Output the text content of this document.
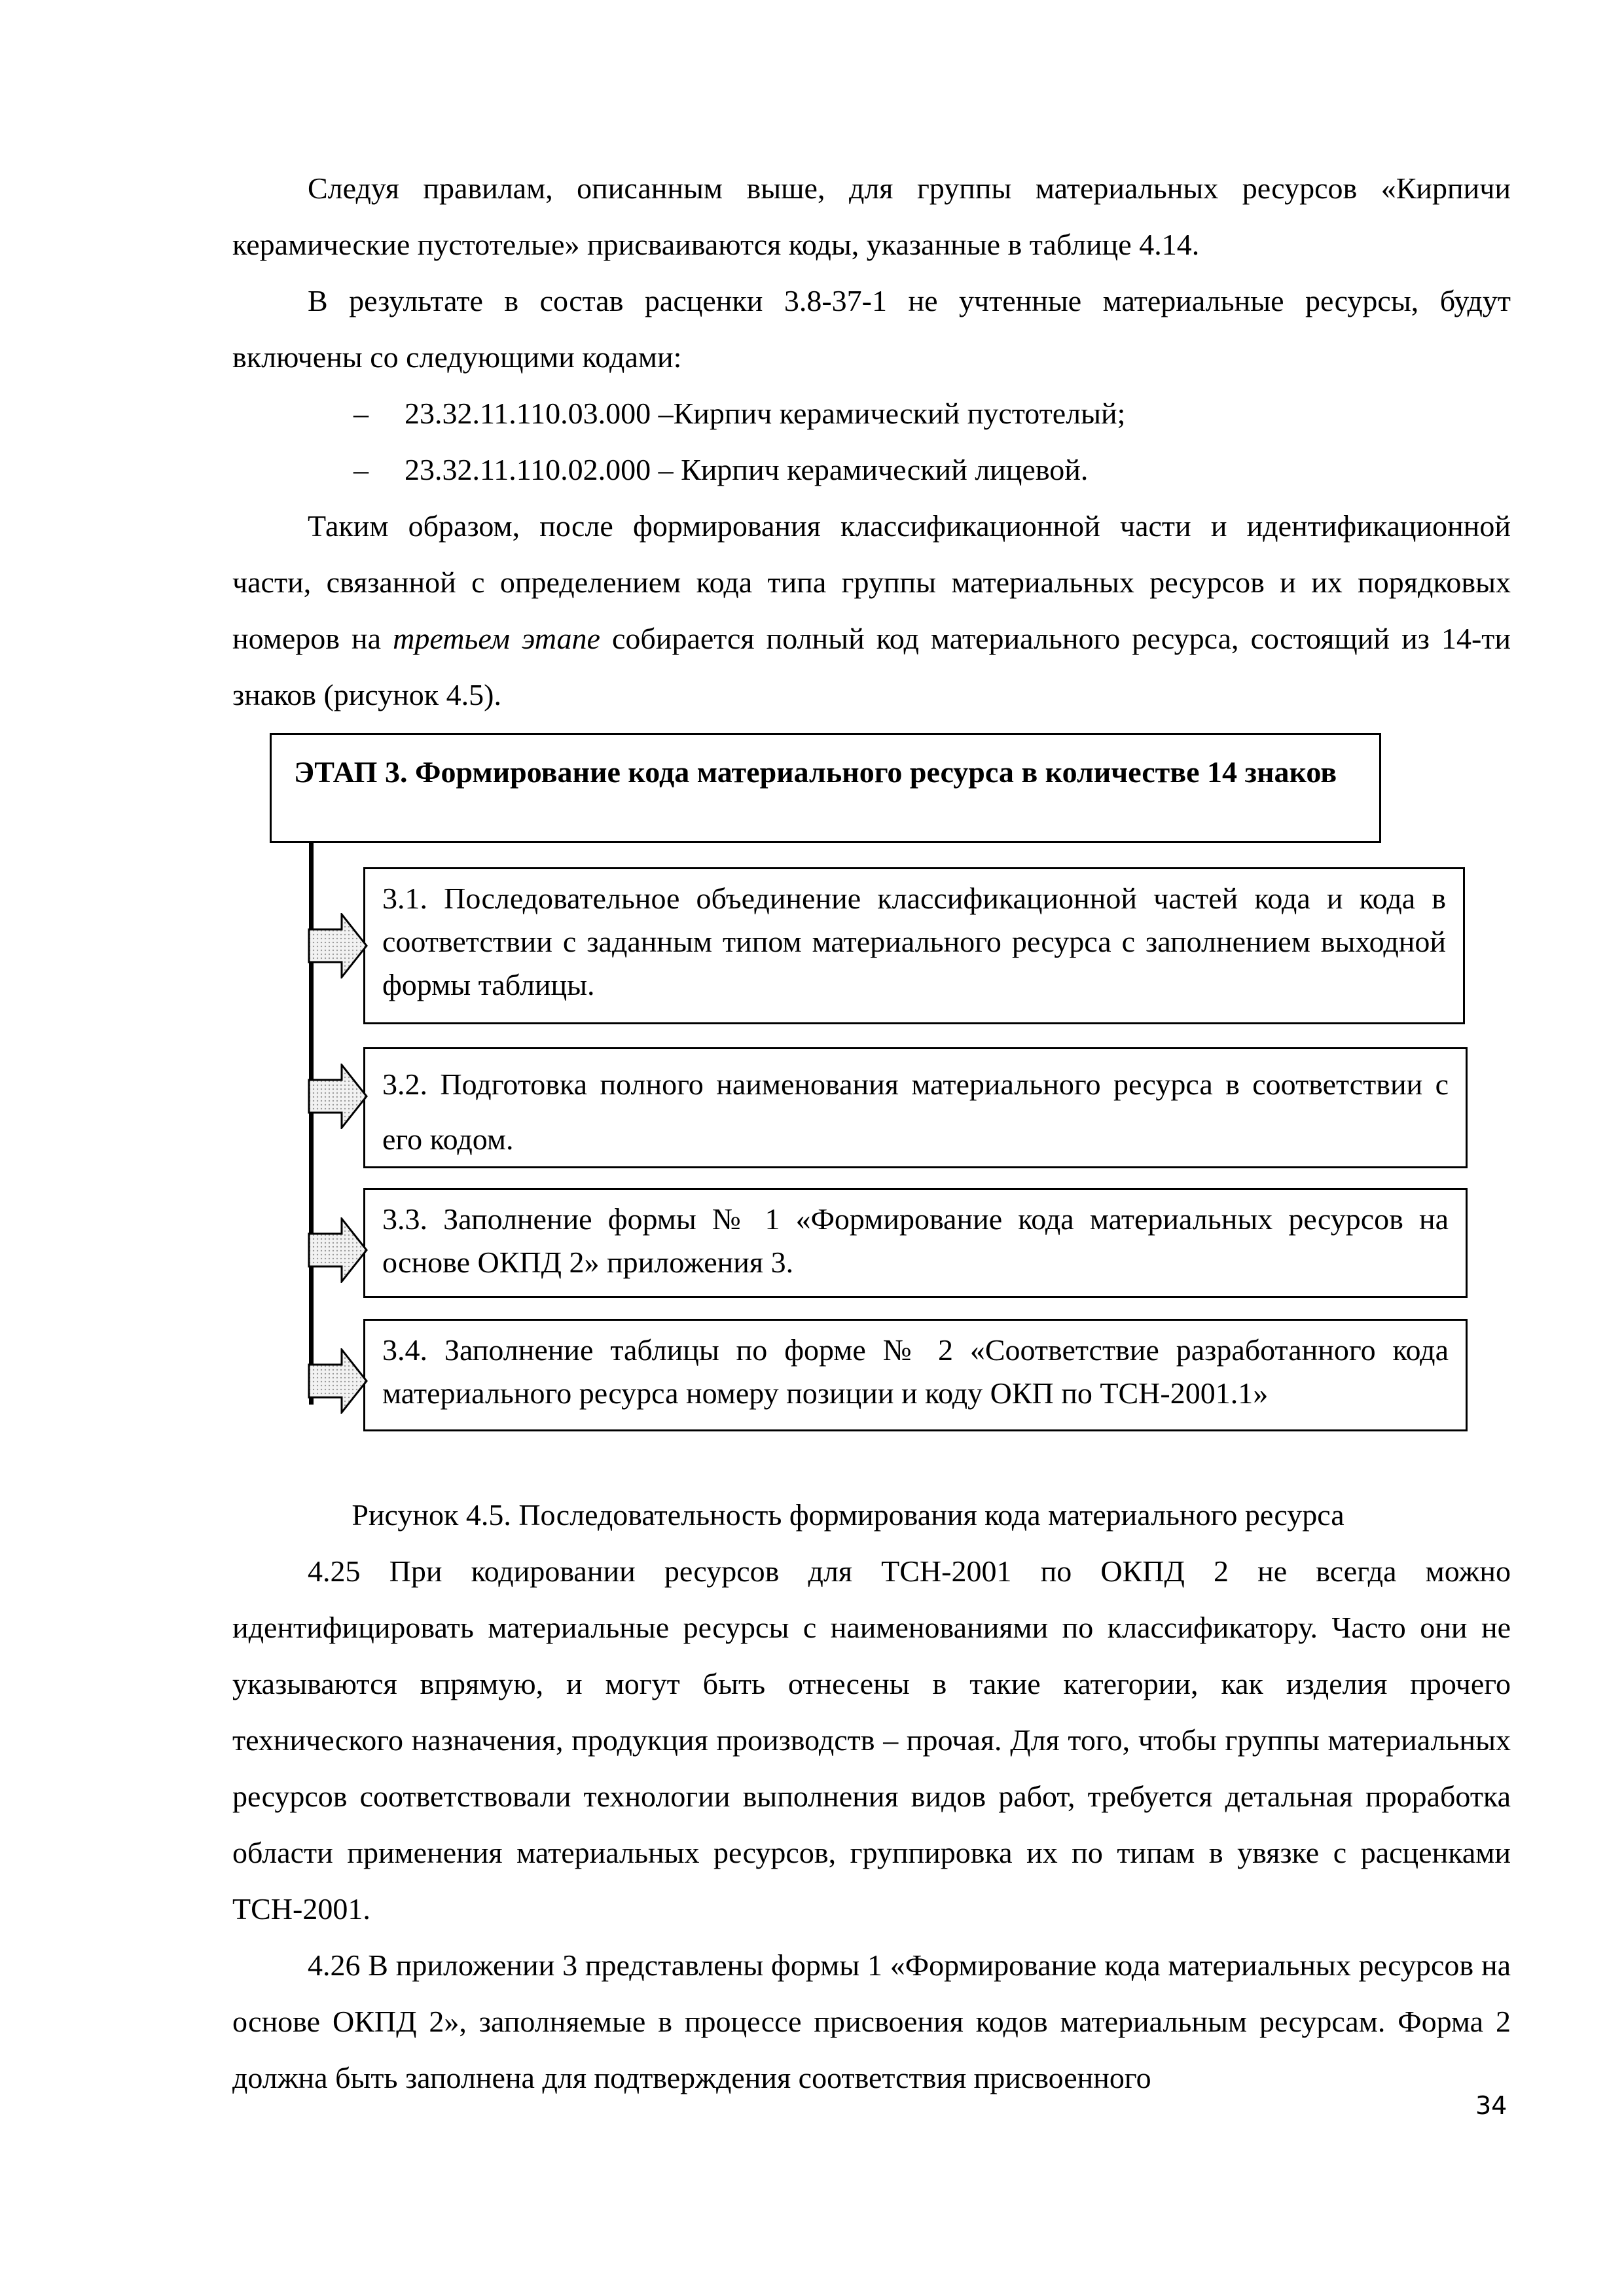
Следуя правилам, описанным выше, для группы материальных ресурсов «Кирпичи керамические пустотелые» присваиваются коды, указанные в таблице 4.14.

В результате в состав расценки 3.8-37-1 не учтенные материальные ресурсы, будут включены со следующими кодами:

– 23.32.11.110.03.000 –Кирпич керамический пустотелый;

– 23.32.11.110.02.000 – Кирпич керамический лицевой.

Таким образом, после формирования классификационной части и идентификационной части, связанной с определением кода типа группы материальных ресурсов и их порядковых номеров на третьем этапе собирается полный код материального ресурса, состоящий из 14-ти знаков (рисунок 4.5).

ЭТАП 3. Формирование кода материального ресурса в количестве 14 знаков
3.1. Последовательное объединение классификационной частей кода и кода в соответствии с заданным типом материального ресурса с заполнением выходной формы таблицы.
3.2. Подготовка полного наименования материального ресурса в соответствии с его кодом.
3.3. Заполнение формы № 1 «Формирование кода материальных ресурсов на основе ОКПД 2» приложения 3.
3.4. Заполнение таблицы по форме № 2 «Соответствие разработанного кода материального ресурса номеру позиции и коду ОКП по ТСН-2001.1»

Рисунок 4.5. Последовательность формирования кода материального ресурса

4.25 При кодировании ресурсов для ТСН-2001 по ОКПД 2 не всегда можно идентифицировать материальные ресурсы с наименованиями по классификатору. Часто они не указываются впрямую, и могут быть отнесены в такие категории, как изделия прочего технического назначения, продукция производств – прочая. Для того, чтобы группы материальных ресурсов соответствовали технологии выполнения видов работ, требуется детальная проработка области применения материальных ресурсов, группировка их по типам в увязке с расценками ТСН-2001.

4.26 В приложении 3 представлены формы 1 «Формирование кода материальных ресурсов на основе ОКПД 2», заполняемые в процессе присвоения кодов материальным ресурсам. Форма 2 должна быть заполнена для подтверждения соответствия присвоенного

34
